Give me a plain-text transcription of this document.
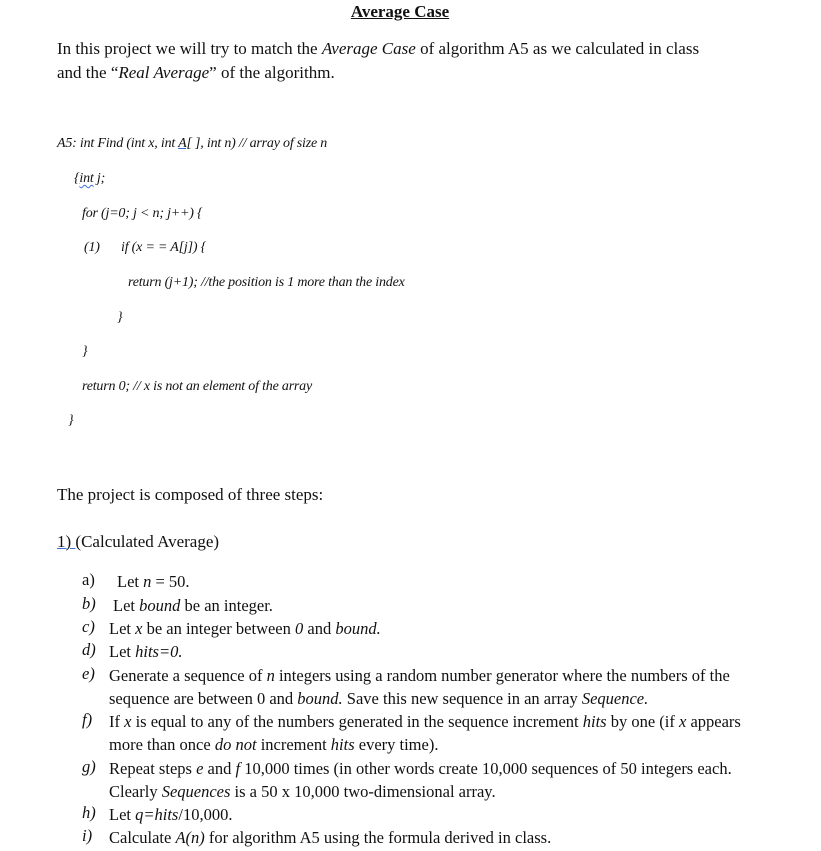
Average Case
In this project we will try to match the Average Case of algorithm A5 as we calculated in class
and the “Real Average” of the algorithm.
A5: int Find (int x, int A[ ], int n) // array of size n
{int j;
for (j=0; j < n; j++) {
(1) if (x = = A[j]) {
return (j+1); //the position is 1 more than the index
}
}
return 0; // x is not an element of the array
}
The project is composed of three steps:
1) (Calculated Average)
a)	Let n = 50.
b)	Let bound be an integer.
c) Let x be an integer between 0 and bound.
d) Let hits=0.
e) Generate a sequence of n integers using a random number generator where the numbers of the sequence are between 0 and bound. Save this new sequence in an array Sequence.
f)	If x is equal to any of the numbers generated in the sequence increment hits by one (if x appears more than once do not increment hits every time).
g) Repeat steps e and f 10,000 times (in other words create 10,000 sequences of 50 integers each. Clearly Sequences is a 50 x 10,000 two-dimensional array.
h) Let q=hits/10,000.
i)	Calculate A(n) for algorithm A5 using the formula derived in class.
